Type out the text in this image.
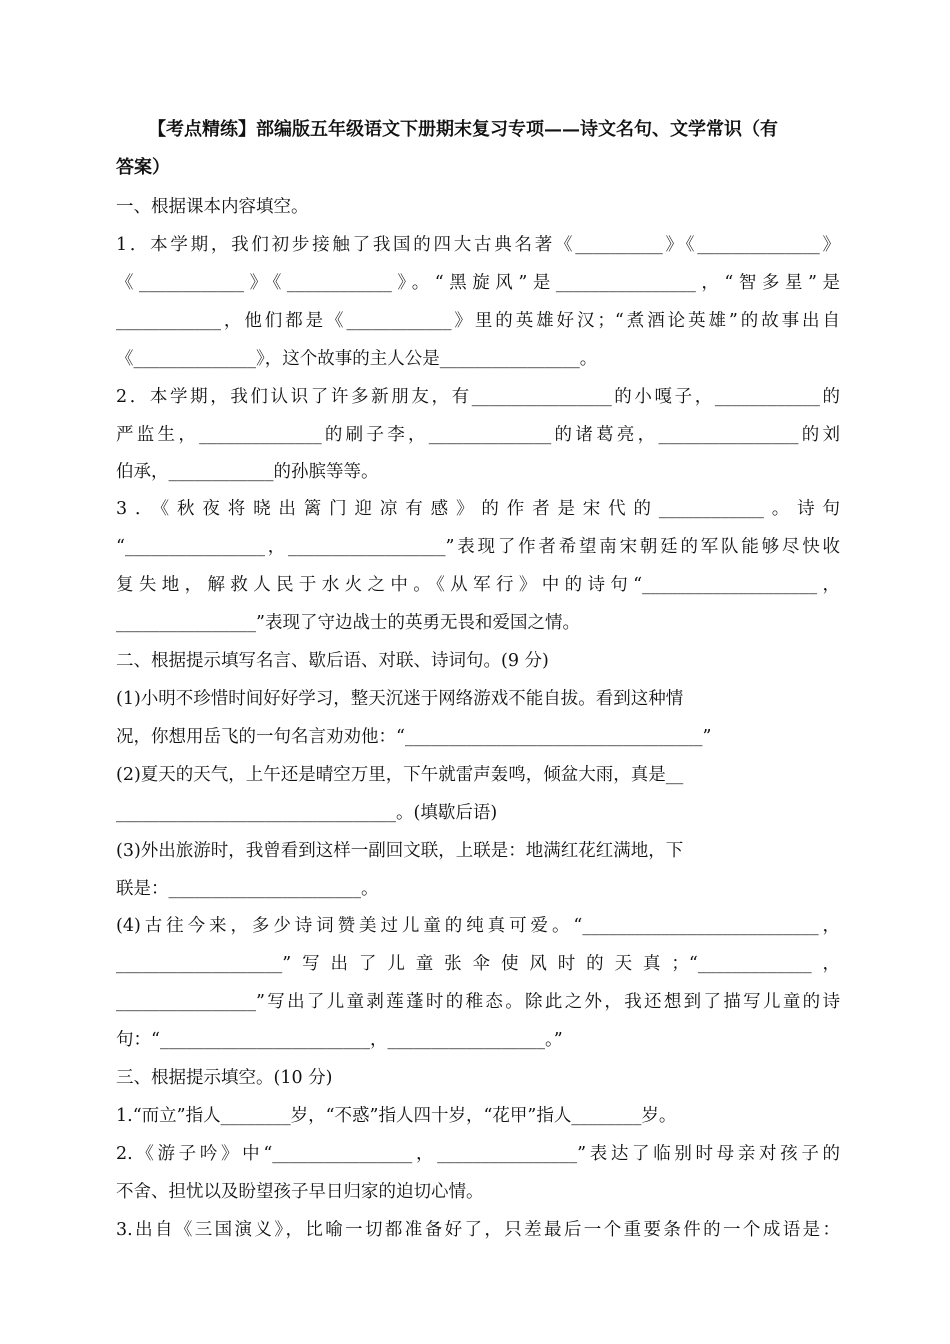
【考点精练】部编版五年级语文下册期末复习专项——诗文名句、文学常识（有

答案）

一、根据课本内容填空。

1．本学期，我们初步接触了我国的四大古典名著《__________》《______________》

《____________》《____________》。“黑旋风”是________________，“智多星”是

____________，他们都是《____________》里的英雄好汉；“煮酒论英雄”的故事出自

《______________》，这个故事的主人公是________________。

2．本学期，我们认识了许多新朋友，有________________的小嘎子，____________的

严监生，______________的刷子李，______________的诸葛亮，________________的刘

伯承，____________的孙膑等等。

3．《秋夜将晓出篱门迎凉有感》的作者是宋代的____________。诗句

“________________，__________________”表现了作者希望南宋朝廷的军队能够尽快收

复失地，解救人民于水火之中。《从军行》中的诗句“____________________，

________________”表现了守边战士的英勇无畏和爱国之情。

二、根据提示填写名言、歇后语、对联、诗词句。(9 分)

(1)小明不珍惜时间好好学习，整天沉迷于网络游戏不能自拔。看到这种情

况，你想用岳飞的一句名言劝劝他：“__________________________________”

(2)夏天的天气，上午还是晴空万里，下午就雷声轰鸣，倾盆大雨，真是__

________________________________。(填歇后语)

(3)外出旅游时，我曾看到这样一副回文联，上联是：地满红花红满地，下

联是：______________________。

(4)古往今来，多少诗词赞美过儿童的纯真可爱。“___________________________，

___________________”写出了儿童张伞使风时的天真；“_____________，

________________”写出了儿童剥莲蓬时的稚态。除此之外，我还想到了描写儿童的诗

句：“________________________，__________________。”

三、根据提示填空。(10 分)

1.“而立”指人________岁，“不惑”指人四十岁，“花甲”指人________岁。

2.《游子吟》中“________________，________________”表达了临别时母亲对孩子的

不舍、担忧以及盼望孩子早日归家的迫切心情。

3.出自《三国演义》，比喻一切都准备好了，只差最后一个重要条件的一个成语是：
